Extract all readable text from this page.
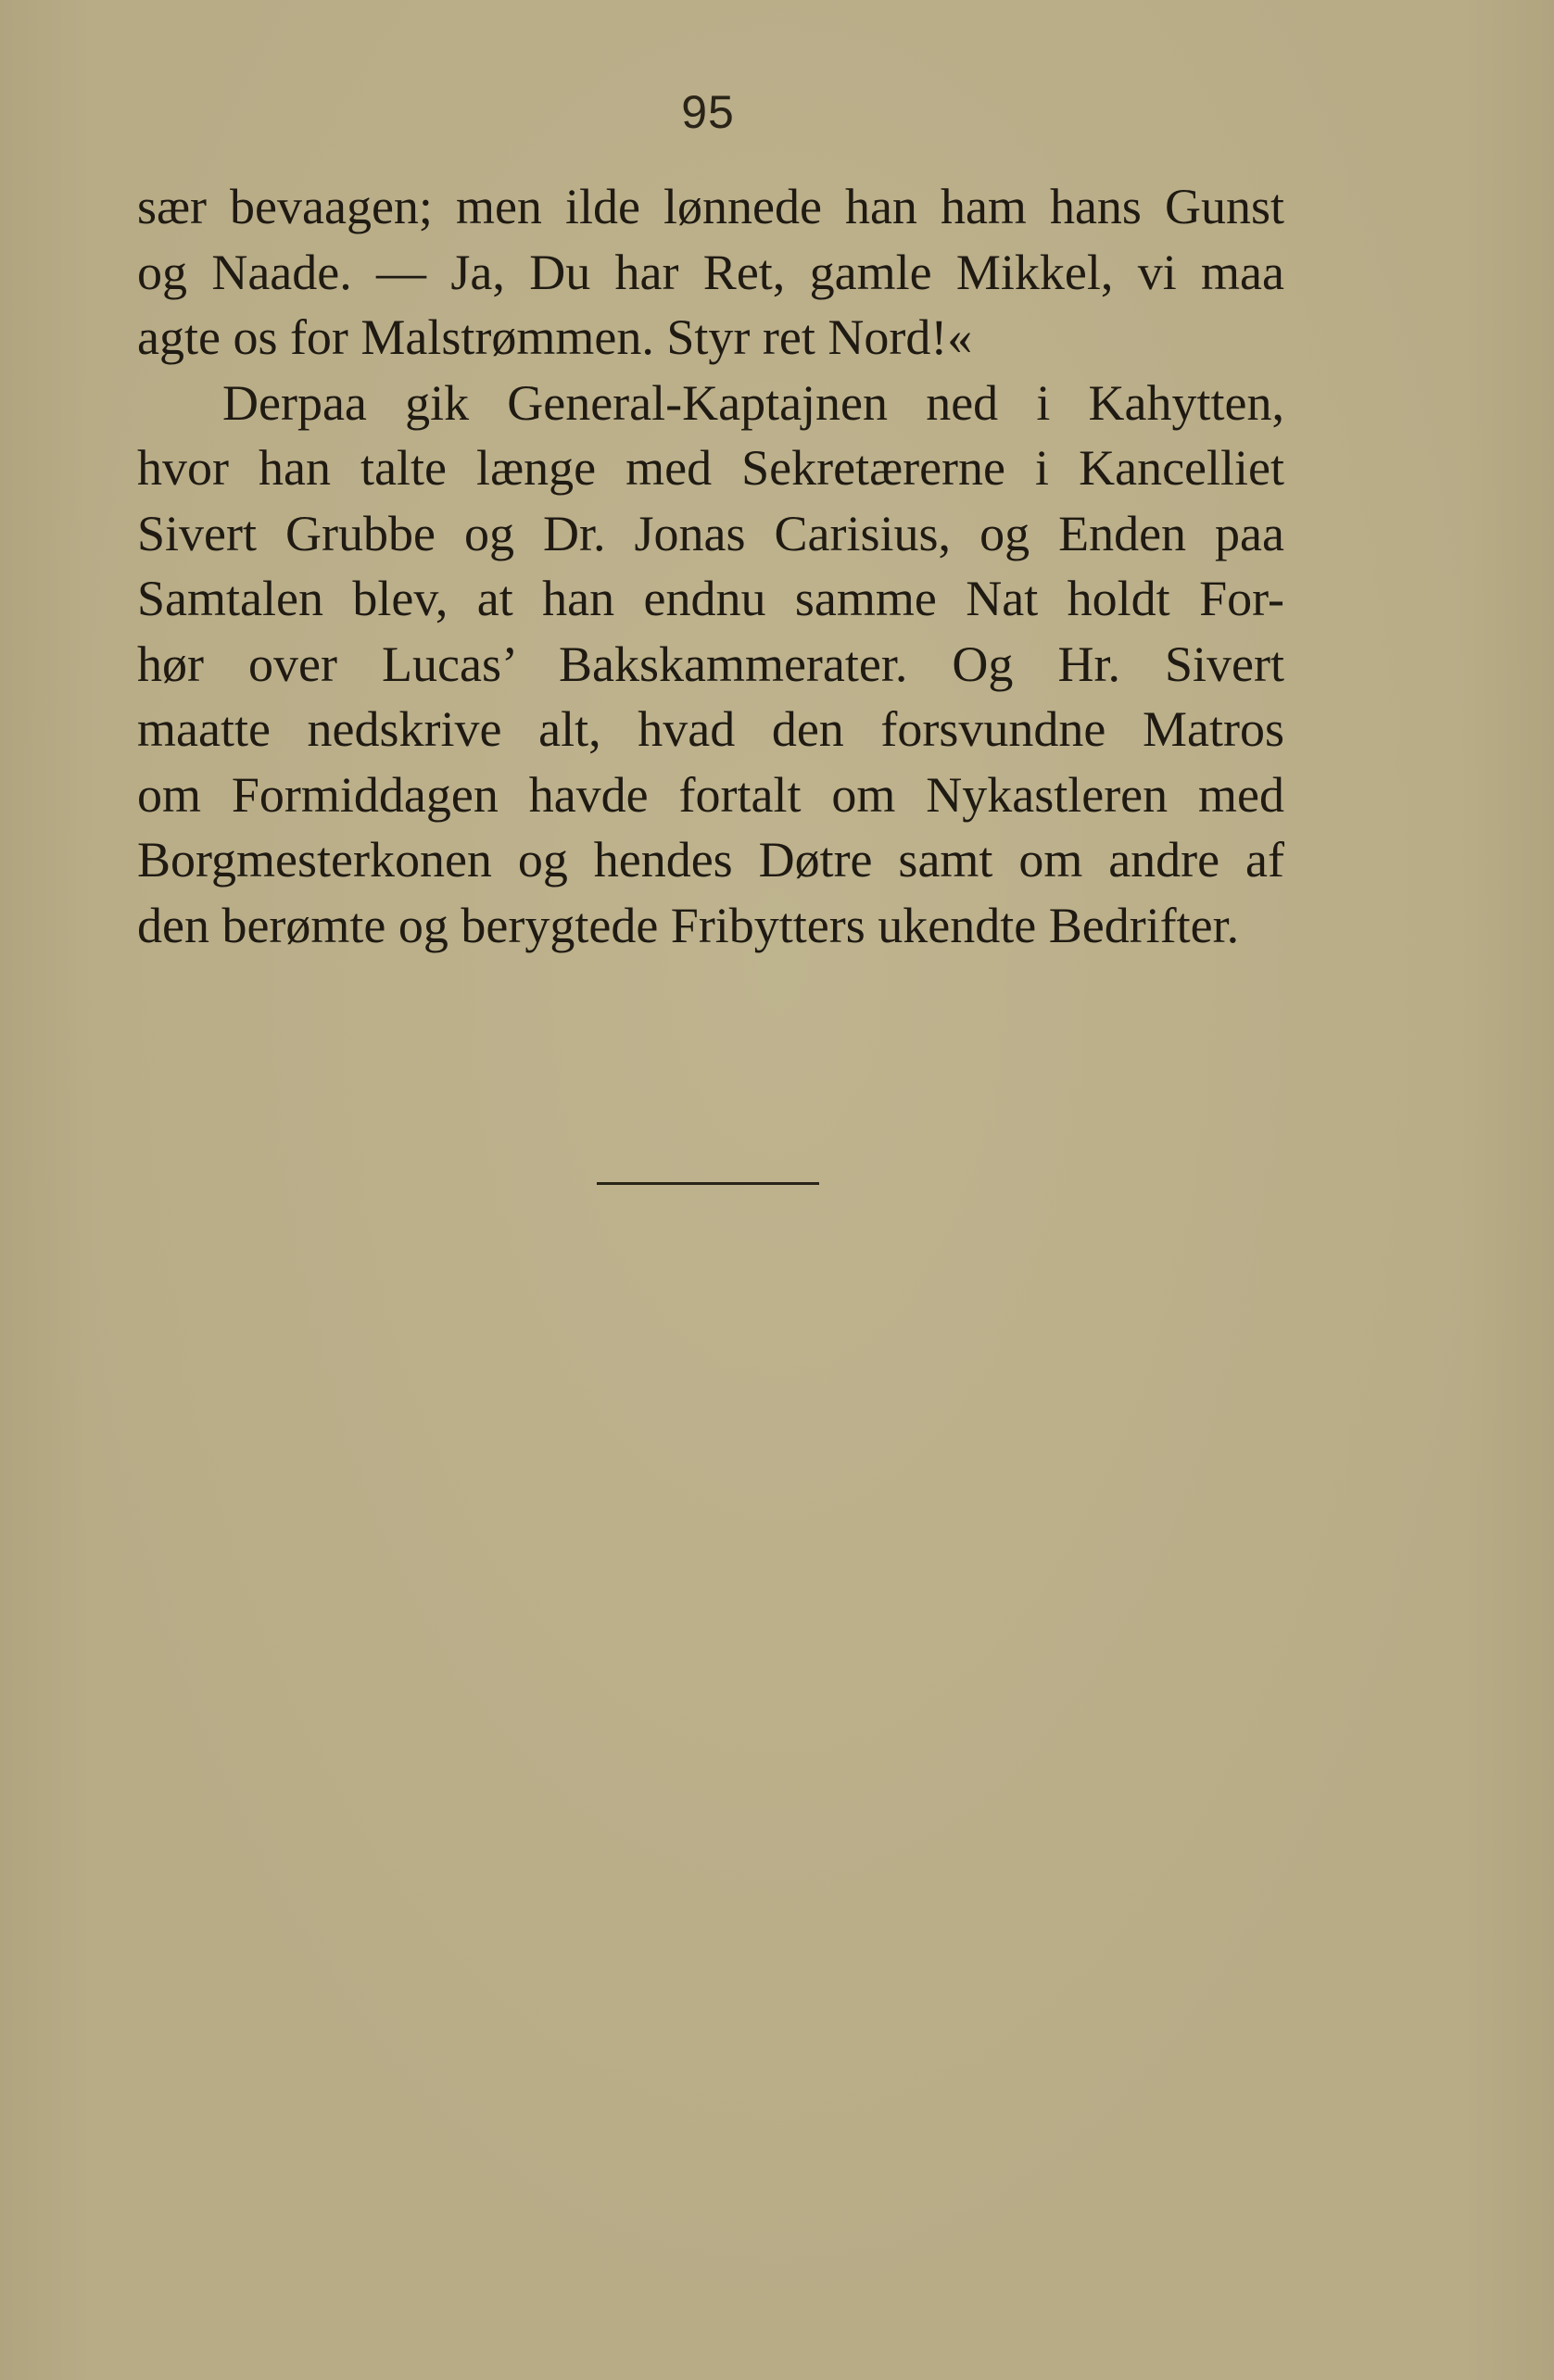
95
sær bevaagen; men ilde lønnede han ham hans Gunst
og Naade. — Ja, Du har Ret, gamle Mikkel, vi maa
agte os for Malstrømmen. Styr ret Nord!«
Derpaa gik General-Kaptajnen ned i Kahytten,
hvor han talte længe med Sekretærerne i Kancelliet
Sivert Grubbe og Dr. Jonas Carisius, og Enden paa
Samtalen blev, at han endnu samme Nat holdt For-
hør over Lucas’ Bakskammerater. Og Hr. Sivert
maatte nedskrive alt, hvad den forsvundne Matros
om Formiddagen havde fortalt om Nykastleren med
Borgmesterkonen og hendes Døtre samt om andre af
den berømte og berygtede Fribytters ukendte Bedrifter.
